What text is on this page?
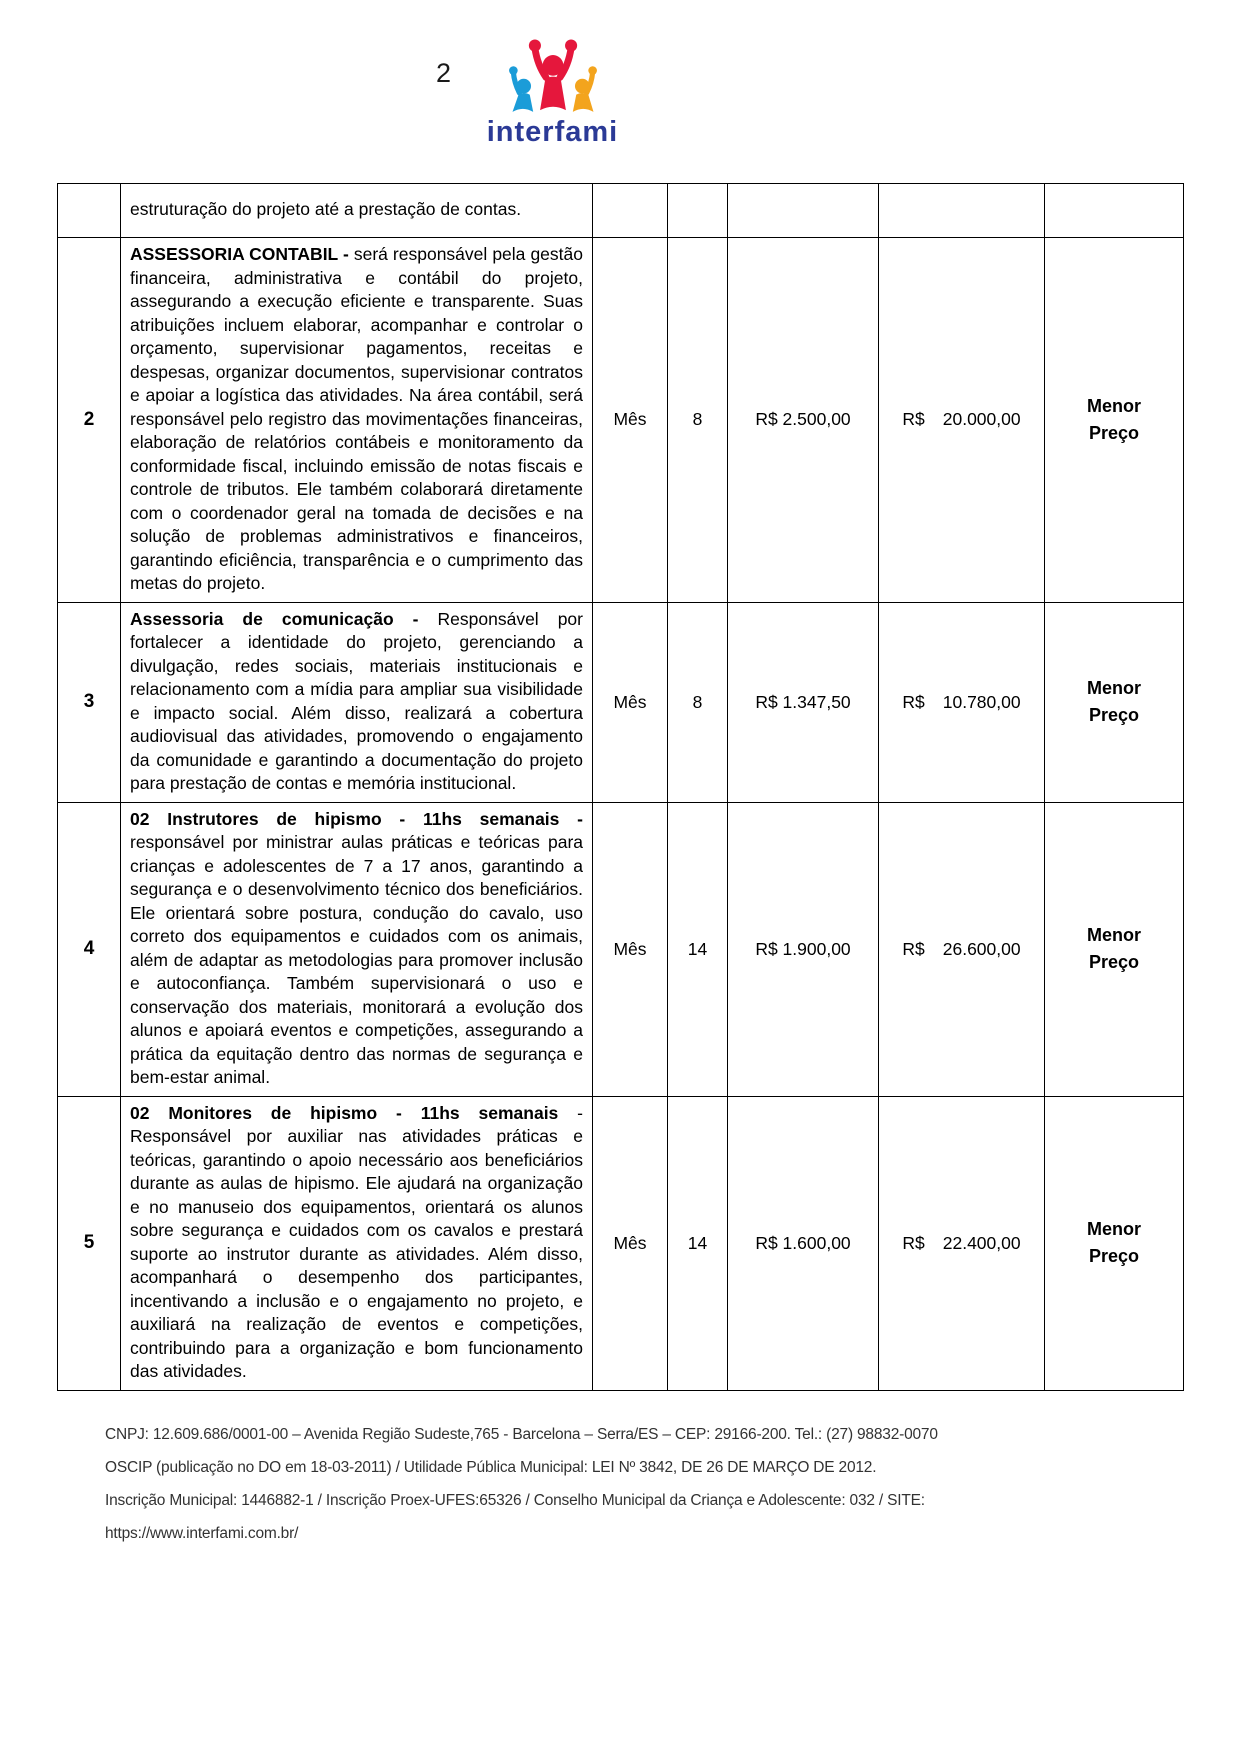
2
interfami
	estruturação do projeto até a prestação de contas.				

2	ASSESSORIA CONTABIL - será responsável pela gestão financeira, administrativa e contábil do projeto, assegurando a execução eficiente e transparente. Suas atribuições incluem elaborar, acompanhar e controlar o orçamento, supervisionar pagamentos, receitas e despesas, organizar documentos, supervisionar contratos e apoiar a logística das atividades. Na área contábil, será responsável pelo registro das movimentações financeiras, elaboração de relatórios contábeis e monitoramento da conformidade fiscal, incluindo emissão de notas fiscais e controle de tributos. Ele também colaborará diretamente com o coordenador geral na tomada de decisões e na solução de problemas administrativos e financeiros, garantindo eficiência, transparência e o cumprimento das metas do projeto.	Mês	8	R$ 2.500,00	R$ 20.000,00	Menor Preço
3	Assessoria de comunicação - Responsável por fortalecer a identidade do projeto, gerenciando a divulgação, redes sociais, materiais institucionais e relacionamento com a mídia para ampliar sua visibilidade e impacto social. Além disso, realizará a cobertura audiovisual das atividades, promovendo o engajamento da comunidade e garantindo a documentação do projeto para prestação de contas e memória institucional.	Mês	8	R$ 1.347,50	R$ 10.780,00	Menor Preço
4	02 Instrutores de hipismo - 11hs semanais - responsável por ministrar aulas práticas e teóricas para crianças e adolescentes de 7 a 17 anos, garantindo a segurança e o desenvolvimento técnico dos beneficiários. Ele orientará sobre postura, condução do cavalo, uso correto dos equipamentos e cuidados com os animais, além de adaptar as metodologias para promover inclusão e autoconfiança. Também supervisionará o uso e conservação dos materiais, monitorará a evolução dos alunos e apoiará eventos e competições, assegurando a prática da equitação dentro das normas de segurança e bem-estar animal.	Mês	14	R$ 1.900,00	R$ 26.600,00	Menor Preço
5	02 Monitores de hipismo - 11hs semanais - Responsável por auxiliar nas atividades práticas e teóricas, garantindo o apoio necessário aos beneficiários durante as aulas de hipismo. Ele ajudará na organização e no manuseio dos equipamentos, orientará os alunos sobre segurança e cuidados com os cavalos e prestará suporte ao instrutor durante as atividades. Além disso, acompanhará o desempenho dos participantes, incentivando a inclusão e o engajamento no projeto, e auxiliará na realização de eventos e competições, contribuindo para a organização e bom funcionamento das atividades.	Mês	14	R$ 1.600,00	R$ 22.400,00	Menor Preço

CNPJ: 12.609.686/0001-00 – Avenida Região Sudeste,765 - Barcelona – Serra/ES – CEP: 29166-200. Tel.: (27) 98832-0070

OSCIP (publicação no DO em 18-03-2011) / Utilidade Pública Municipal: LEI Nº 3842, DE 26 DE MARÇO DE 2012.

Inscrição Municipal: 1446882-1 / Inscrição Proex-UFES:65326 / Conselho Municipal da Criança e Adolescente: 032 / SITE:

https://www.interfami.com.br/
